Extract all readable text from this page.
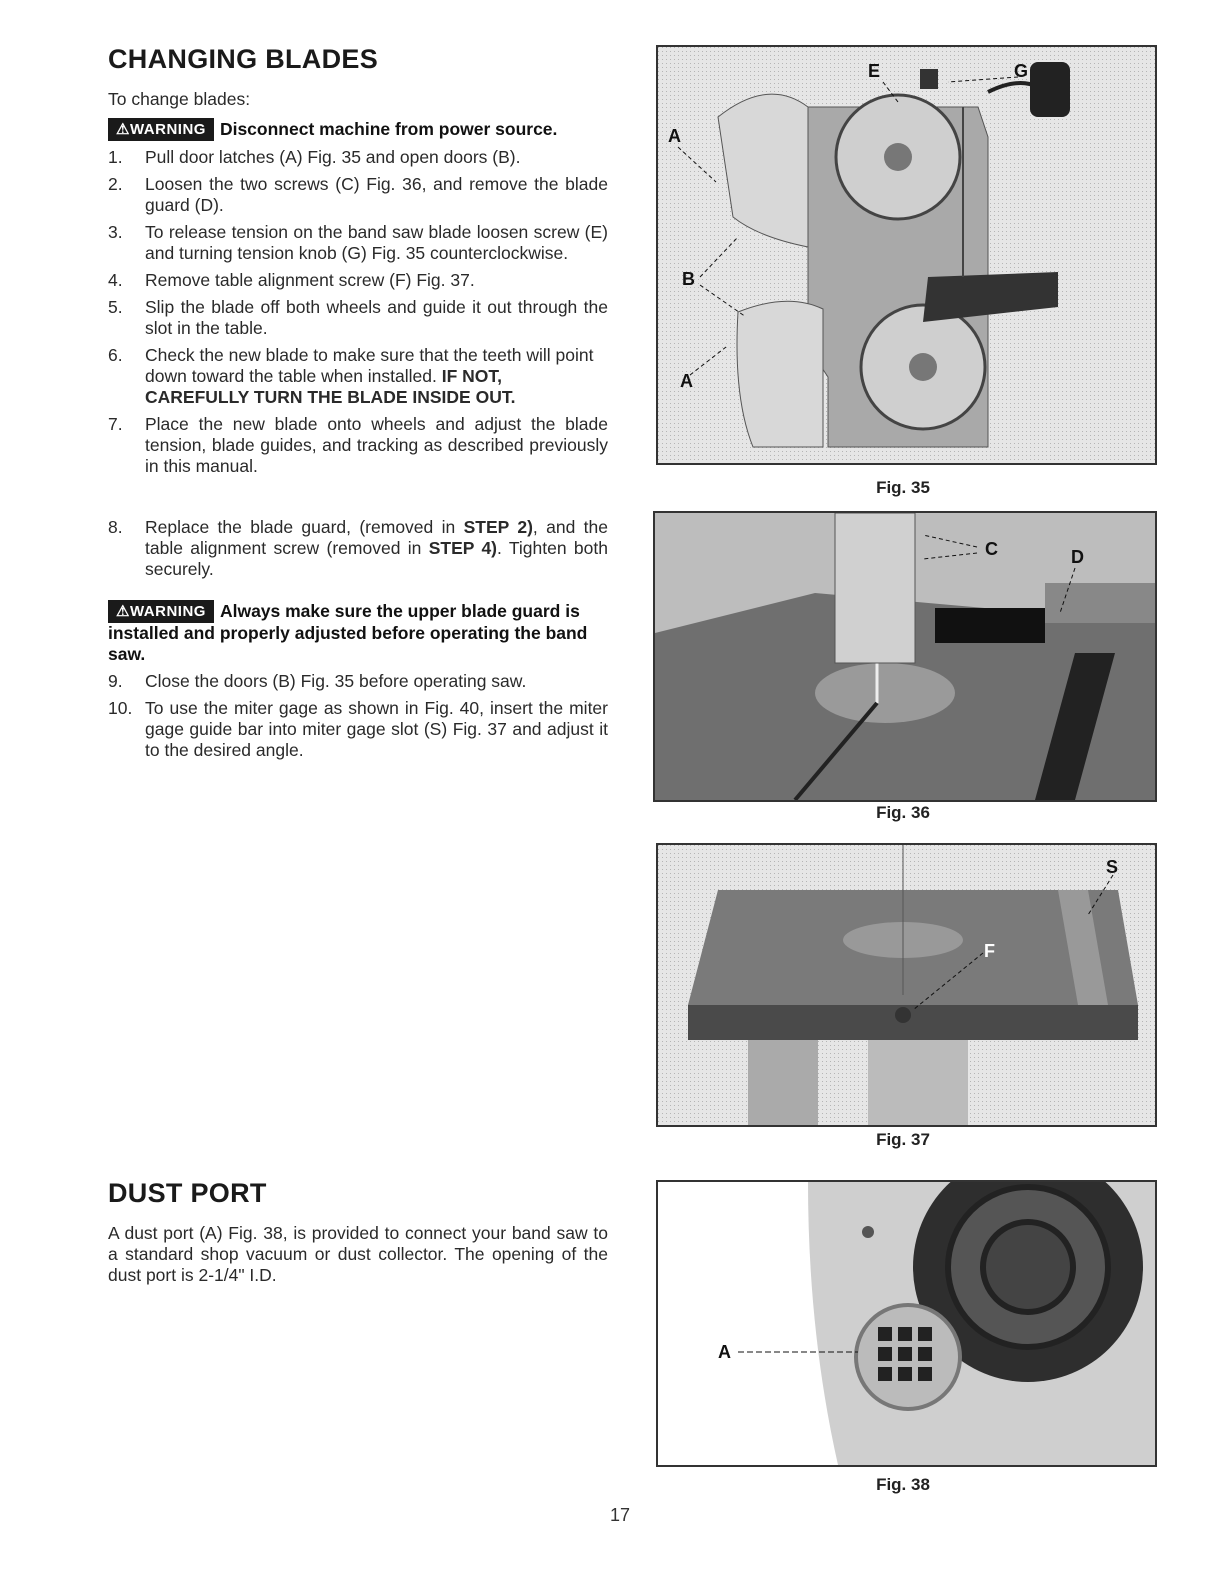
CHANGING BLADES

To change blades:

⚠WARNING Disconnect machine from power source.
1. Pull door latches (A) Fig. 35 and open doors (B).
2. Loosen the two screws (C) Fig. 36, and remove the blade guard (D).
3. To release tension on the band saw blade loosen screw (E) and turning tension knob (G) Fig. 35 counterclockwise.
4. Remove table alignment screw (F) Fig. 37.
5. Slip the blade off both wheels and guide it out through the slot in the table.
6. Check the new blade to make sure that the teeth will point down toward the table when installed. IF NOT, CAREFULLY TURN THE BLADE INSIDE OUT.
7. Place the new blade onto wheels and adjust the blade tension, blade guides, and tracking as described previously in this manual.
8. Replace the blade guard, (removed in STEP 2), and the table alignment screw (removed in STEP 4). Tighten both securely.
⚠WARNING Always make sure the upper blade guard is installed and properly adjusted before operating the band saw.
9. Close the doors (B) Fig. 35 before operating saw.
10. To use the miter gage as shown in Fig. 40, insert the miter gage guide bar into miter gage slot (S) Fig. 37 and adjust it to the desired angle.
DUST PORT

A dust port (A) Fig. 38, is provided to connect your band saw to a standard shop vacuum or dust collector. The opening of the dust port is 2-1/4" I.D.

A
B
A
E	G
Fig. 35
C	D
Fig. 36
S
F
Fig. 37
A
Fig. 38
17
